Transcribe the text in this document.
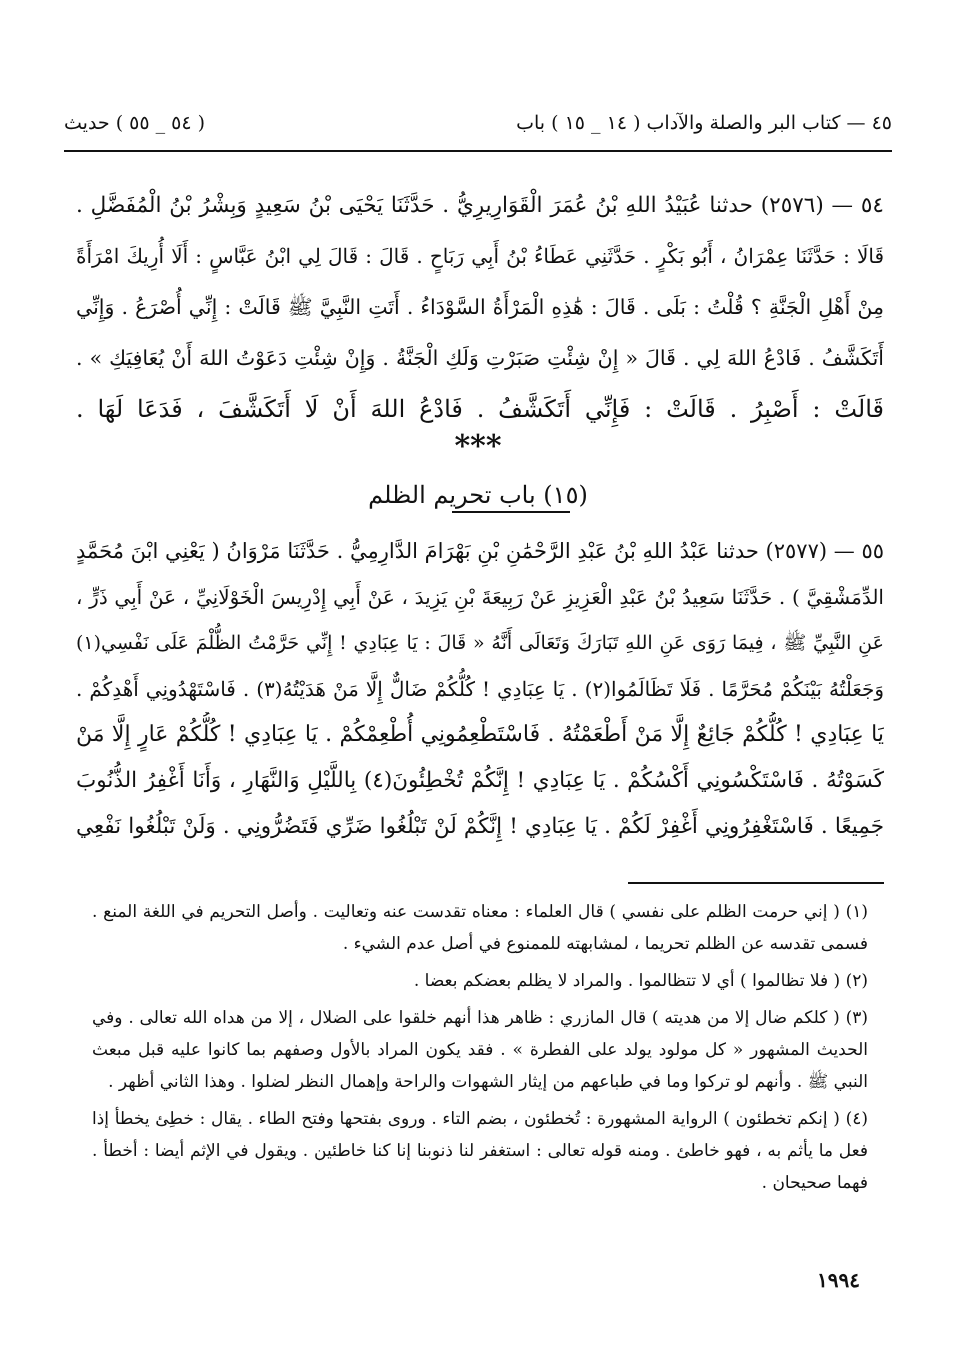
( ٥٤ _ ٥٥ ) حديث	٤٥ — كتاب البر والصلة والآداب ( ١٤ _ ١٥ ) باب
٥٤ — (٢٥٧٦) حدثنا عُبَيْدُ اللهِ بْنُ عُمَرَ الْقَوَارِيرِيُّ . حَدَّثَنَا يَحْيَى بْنُ سَعِيدٍ وَبِشْرُ بْنُ الْمُفَضَّلِ .
قَالَا : حَدَّثَنَا عِمْرَانُ ، أَبُو بَكْرٍ . حَدَّثَنِي عَطَاءُ بْنُ أَبِي رَبَاحٍ . قَالَ : قَالَ لِي ابْنُ عَبَّاسٍ : أَلَا أُرِيكَ امْرَأَةً
مِنْ أَهْلِ الْجَنَّةِ ؟ قُلْتُ : بَلَى . قَالَ : هَٰذِهِ الْمَرْأَةُ السَّوْدَاءُ . أَتَتِ النَّبِيَّ ﷺ قَالَتْ : إِنِّي أُصْرَعُ . وَإِنِّي
أَتَكَشَّفُ . فَادْعُ اللهَ لِي . قَالَ « إِنْ شِئْتِ صَبَرْتِ وَلَكِ الْجَنَّةُ . وَإِنْ شِئْتِ دَعَوْتُ اللهَ أَنْ يُعَافِيَكِ » .
قَالَتْ : أَصْبِرُ . قَالَتْ : فَإِنِّي أَتَكَشَّفُ . فَادْعُ اللهَ أَنْ لَا أَتَكَشَّفَ ، فَدَعَا لَهَا .
***
(١٥) باب تحريم الظلم
٥٥ — (٢٥٧٧) حدثنا عَبْدُ اللهِ بْنُ عَبْدِ الرَّحْمَٰنِ بْنِ بَهْرَامَ الدَّارِمِيُّ . حَدَّثَنَا مَرْوَانُ ( يَعْنِي ابْنَ مُحَمَّدٍ
الدِّمَشْقِيَّ ) . حَدَّثَنَا سَعِيدُ بْنُ عَبْدِ الْعَزِيزِ عَنْ رَبِيعَةَ بْنِ يَزِيدَ ، عَنْ أَبِي إِدْرِيسَ الْخَوْلَانِيِّ ، عَنْ أَبِي ذَرٍّ ،
عَنِ النَّبِيِّ ﷺ ، فِيمَا رَوَى عَنِ اللهِ تَبَارَكَ وَتَعَالَى أَنَّهُ « قَالَ : يَا عِبَادِي ! إِنِّي حَرَّمْتُ الظُّلْمَ عَلَى نَفْسِي(١)
وَجَعَلْتُهُ بَيْنَكُمْ مُحَرَّمًا . فَلَا تَظَالَمُوا(٢) . يَا عِبَادِي ! كُلُّكُمْ ضَالٌّ إِلَّا مَنْ هَدَيْتُهُ(٣) . فَاسْتَهْدُونِي أَهْدِكُمْ .
يَا عِبَادِي ! كُلُّكُمْ جَائِعٌ إِلَّا مَنْ أَطْعَمْتُهُ . فَاسْتَطْعِمُونِي أُطْعِمْكُمْ . يَا عِبَادِي ! كُلُّكُمْ عَارٍ إِلَّا مَنْ
كَسَوْتُهُ . فَاسْتَكْسُونِي أَكْسُكُمْ . يَا عِبَادِي ! إِنَّكُمْ تُخْطِئُونَ(٤) بِاللَّيْلِ وَالنَّهَارِ ، وَأَنَا أَغْفِرُ الذُّنُوبَ
جَمِيعًا . فَاسْتَغْفِرُونِي أَغْفِرْ لَكُمْ . يَا عِبَادِي ! إِنَّكُمْ لَنْ تَبْلُغُوا ضَرِّي فَتَضُرُّونِي . وَلَنْ تَبْلُغُوا نَفْعِي
(١) ( إني حرمت الظلم على نفسي ) قال العلماء : معناه تقدست عنه وتعاليت . وأصل التحريم في اللغة المنع . فسمى تقدسه عن الظلم تحريما ، لمشابهته للممنوع في أصل عدم الشيء .
(٢) ( فلا تظالموا ) أي لا تتظالموا . والمراد لا يظلم بعضكم بعضا .
(٣) ( كلكم ضال إلا من هديته ) قال المازري : ظاهر هذا أنهم خلقوا على الضلال ، إلا من هداه الله تعالى . وفي الحديث المشهور « كل مولود يولد على الفطرة » . فقد يكون المراد بالأول وصفهم بما كانوا عليه قبل مبعث النبي ﷺ . وأنهم لو تركوا وما في طباعهم من إيثار الشهوات والراحة وإهمال النظر لضلوا . وهذا الثاني أظهر .
(٤) ( إنكم تخطئون ) الرواية المشهورة : تُخطئون ، بضم التاء . وروى بفتحها وفتح الطاء . يقال : خطِئ يخطأ إذا فعل ما يأثم به ، فهو خاطئ . ومنه قوله تعالى : استغفر لنا ذنوبنا إنا كنا خاطئين . ويقول في الإثم أيضا : أخطأ . فهما صحيحان .
١٩٩٤
